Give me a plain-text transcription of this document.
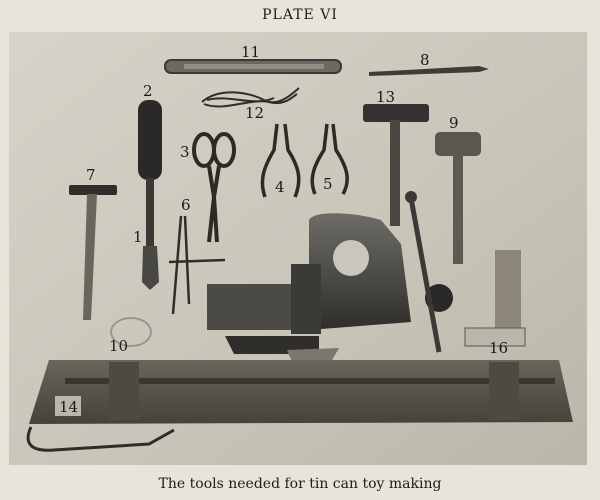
PLATE VI
11	8
12
2
1
3
4	5
13
9
7
6
10	16
14
The tools needed for tin can toy making
